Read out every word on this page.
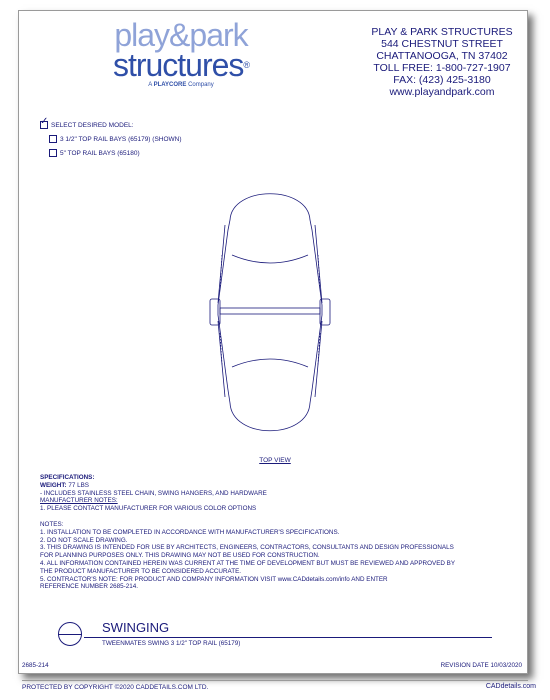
play&park
structures®
A PLAYCORE Company
PLAY & PARK STRUCTURES
544 CHESTNUT STREET
CHATTANOOGA, TN 37402
TOLL FREE: 1-800-727-1907
FAX: (423) 425-3180
www.playandpark.com
✓ SELECT DESIRED MODEL:
3 1/2" TOP RAIL BAYS (65179) (SHOWN)
5" TOP RAIL BAYS (65180)
TOP VIEW
SPECIFICATIONS:
WEIGHT: 77 LBS
- INCLUDES STAINLESS STEEL CHAIN, SWING HANGERS, AND HARDWARE
MANUFACTURER NOTES:
1. PLEASE CONTACT MANUFACTURER FOR VARIOUS COLOR OPTIONS
NOTES:
1. INSTALLATION TO BE COMPLETED IN ACCORDANCE WITH MANUFACTURER'S SPECIFICATIONS.
2. DO NOT SCALE DRAWING.
3. THIS DRAWING IS INTENDED FOR USE BY ARCHITECTS, ENGINEERS, CONTRACTORS, CONSULTANTS AND DESIGN PROFESSIONALS
FOR PLANNING PURPOSES ONLY. THIS DRAWING MAY NOT BE USED FOR CONSTRUCTION.
4. ALL INFORMATION CONTAINED HEREIN WAS CURRENT AT THE TIME OF DEVELOPMENT BUT MUST BE REVIEWED AND APPROVED BY
THE PRODUCT MANUFACTURER TO BE CONSIDERED ACCURATE.
5. CONTRACTOR'S NOTE: FOR PRODUCT AND COMPANY INFORMATION VISIT www.CADdetails.com/info AND ENTER
REFERENCE NUMBER 2685-214.
SWINGING
TWEENMATES SWING 3 1/2" TOP RAIL (65179)
2685-214	REVISION DATE 10/03/2020
PROTECTED BY COPYRIGHT ©2020 CADDETAILS.COM LTD.	CADdetails.com
